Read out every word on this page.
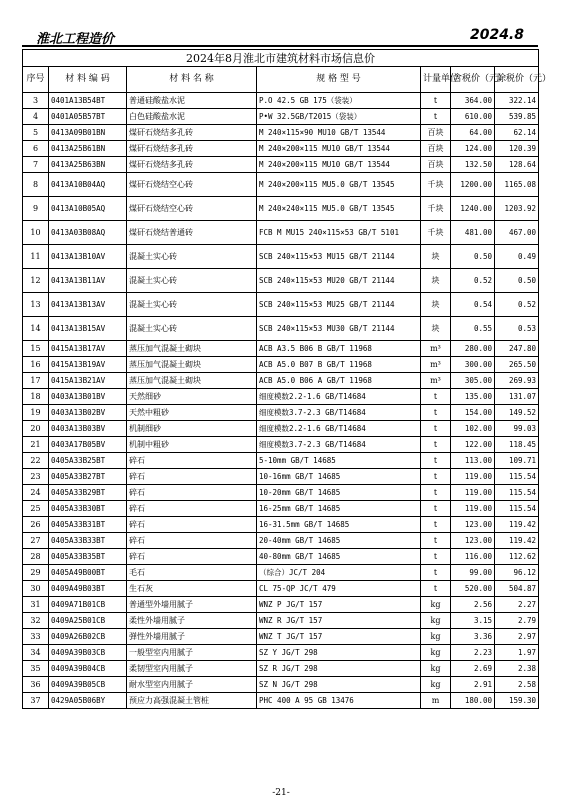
淮北工程造价	2024.8
2024年8月淮北市建筑材料市场信息价						
序号	材 料 编 码	材 料 名 称	规 格 型 号	计量单位	含税价（元）	除税价（元）
3	0401A13B54BT	普通硅酸盐水泥	P.O 42.5 GB 175（袋装）	t	364.00	322.14
4	0401A05B57BT	白色硅酸盐水泥	P•W 32.5GB/T2015（袋装）	t	610.00	539.85
5	0413A09B01BN	煤矸石烧结多孔砖	M 240×115×90 MU10 GB/T 13544	百块	64.00	62.14
6	0413A25B61BN	煤矸石烧结多孔砖	M 240×200×115 MU10 GB/T 13544	百块	124.00	120.39
7	0413A25B63BN	煤矸石烧结多孔砖	M 240×200×115 MU10 GB/T 13544	百块	132.50	128.64
8	0413A10B04AQ	煤矸石烧结空心砖	M 240×200×115 MU5.0 GB/T 13545	千块	1200.00	1165.08
9	0413A10B05AQ	煤矸石烧结空心砖	M 240×240×115 MU5.0 GB/T 13545	千块	1240.00	1203.92
10	0413A03B08AQ	煤矸石烧结普通砖	FCB M MU15 240×115×53 GB/T 5101	千块	481.00	467.00
11	0413A13B10AV	混凝土实心砖	SCB 240×115×53 MU15 GB/T 21144	块	0.50	0.49
12	0413A13B11AV	混凝土实心砖	SCB 240×115×53 MU20 GB/T 21144	块	0.52	0.50
13	0413A13B13AV	混凝土实心砖	SCB 240×115×53 MU25 GB/T 21144	块	0.54	0.52
14	0413A13B15AV	混凝土实心砖	SCB 240×115×53 MU30 GB/T 21144	块	0.55	0.53
15	0415A13B17AV	蒸压加气混凝土砌块	ACB A3.5 B06 B GB/T 11968	m³	280.00	247.80
16	0415A13B19AV	蒸压加气混凝土砌块	ACB A5.0 B07 B GB/T 11968	m³	300.00	265.50
17	0415A13B21AV	蒸压加气混凝土砌块	ACB A5.0 B06 A GB/T 11968	m³	305.00	269.93
18	0403A13B01BV	天然细砂	细度模数2.2-1.6 GB/T14684	t	135.00	131.07
19	0403A13B02BV	天然中粗砂	细度模数3.7-2.3 GB/T14684	t	154.00	149.52
20	0403A13B03BV	机制细砂	细度模数2.2-1.6 GB/T14684	t	102.00	99.03
21	0403A17B05BV	机制中粗砂	细度模数3.7-2.3 GB/T14684	t	122.00	118.45
22	0405A33B25BT	碎石	5-10mm GB/T 14685	t	113.00	109.71
23	0405A33B27BT	碎石	10-16mm GB/T 14685	t	119.00	115.54
24	0405A33B29BT	碎石	10-20mm GB/T 14685	t	119.00	115.54
25	0405A33B30BT	碎石	16-25mm GB/T 14685	t	119.00	115.54
26	0405A33B31BT	碎石	16-31.5mm GB/T 14685	t	123.00	119.42
27	0405A33B33BT	碎石	20-40mm GB/T 14685	t	123.00	119.42
28	0405A33B35BT	碎石	40-80mm GB/T 14685	t	116.00	112.62
29	0405A49B00BT	毛石	（综合）JC/T 204	t	99.00	96.12
30	0409A49B03BT	生石灰	CL 75-QP JC/T 479	t	520.00	504.87
31	0409A71B01CB	普通型外墙用腻子	WNZ P JG/T 157	kg	2.56	2.27
32	0409A25B01CB	柔性外墙用腻子	WNZ R JG/T 157	kg	3.15	2.79
33	0409A26B02CB	弹性外墙用腻子	WNZ T JG/T 157	kg	3.36	2.97
34	0409A39B03CB	一般型室内用腻子	SZ Y JG/T 298	kg	2.23	1.97
35	0409A39B04CB	柔韧型室内用腻子	SZ R JG/T 298	kg	2.69	2.38
36	0409A39B05CB	耐水型室内用腻子	SZ N JG/T 298	kg	2.91	2.58
37	0429A05B06BY	预应力高强混凝土管桩	PHC 400 A 95 GB 13476	m	180.00	159.30
-21-
